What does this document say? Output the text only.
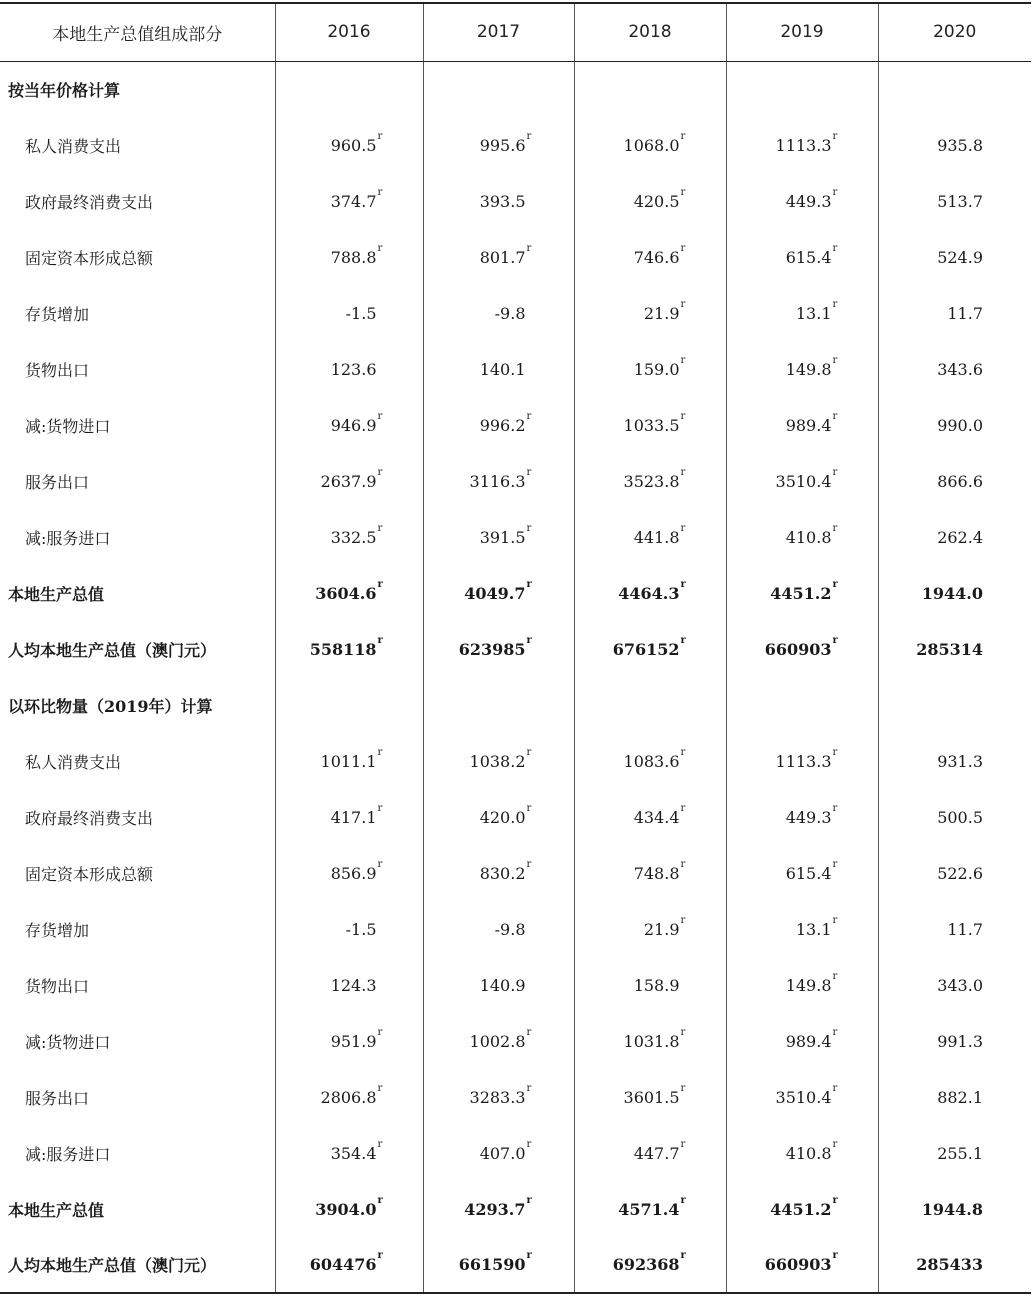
本地生产总值组成部分	2016	2017	2018	2019	2020
按当年价格计算	

私人消费支出	960.5 r	995.6 r	1068.0 r	1113.3 r	935.8

政府最终消费支出	374.7 r	393.5	420.5 r	449.3 r	513.7

固定资本形成总额	788.8 r	801.7 r	746.6 r	615.4 r	524.9

存货增加	-1.5	-9.8	21.9 r	13.1 r	11.7

货物出口	123.6	140.1	159.0 r	149.8 r	343.6

减:货物进口	946.9 r	996.2 r	1033.5 r	989.4 r	990.0

服务出口	2637.9 r	3116.3 r	3523.8 r	3510.4 r	866.6

减:服务进口	332.5 r	391.5 r	441.8 r	410.8 r	262.4

本地生产总值	3604.6 r	4049.7 r	4464.3 r	4451.2 r	1944.0

人均本地生产总值（澳门元）	558118 r	623985 r	676152 r	660903 r	285314

以环比物量（2019年）计算	

私人消费支出	1011.1 r	1038.2 r	1083.6 r	1113.3 r	931.3

政府最终消费支出	417.1 r	420.0 r	434.4 r	449.3 r	500.5

固定资本形成总额	856.9 r	830.2 r	748.8 r	615.4 r	522.6

存货增加	-1.5	-9.8	21.9 r	13.1 r	11.7

货物出口	124.3	140.9	158.9	149.8 r	343.0

减:货物进口	951.9 r	1002.8 r	1031.8 r	989.4 r	991.3

服务出口	2806.8 r	3283.3 r	3601.5 r	3510.4 r	882.1

减:服务进口	354.4 r	407.0 r	447.7 r	410.8 r	255.1

本地生产总值	3904.0 r	4293.7 r	4571.4 r	4451.2 r	1944.8

人均本地生产总值（澳门元）	604476 r	661590 r	692368 r	660903 r	285433
